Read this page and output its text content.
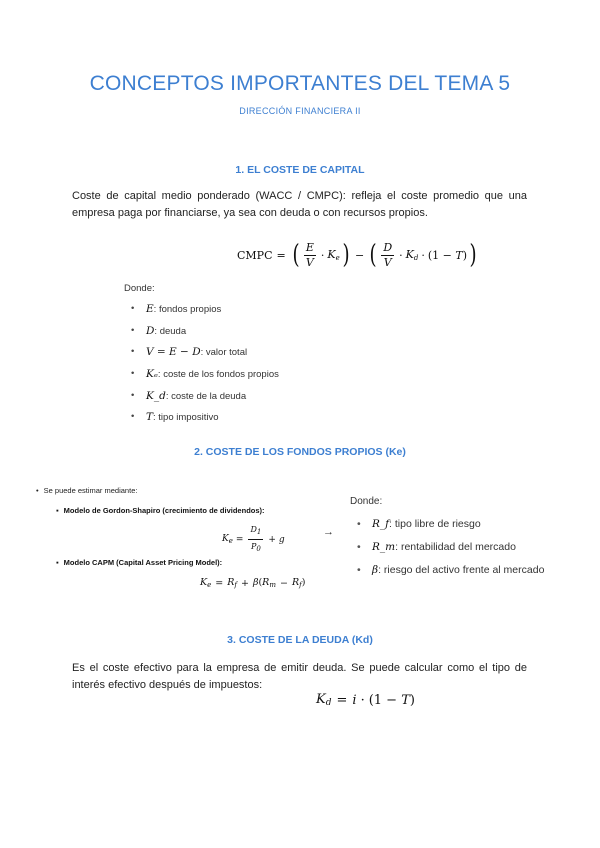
CONCEPTOS IMPORTANTES DEL TEMA 5
DIRECCIÓN FINANCIERA II
1. EL COSTE DE CAPITAL
Coste de capital medio ponderado (WACC / CMPC): refleja el coste promedio que una empresa paga por financiarse, ya sea con deuda o con recursos propios.
CMPC = ( $\frac{E}{V} \cdot K_e$ ) − ( $\frac{D}{V} \cdot K_d \cdot (1 - T)$ )
Donde:
• E: fondos propios
• D: deuda
• V = E − D: valor total
• Kₑ: coste de los fondos propios
• K_d: coste de la deuda
• T: tipo impositivo
2. COSTE DE LOS FONDOS PROPIOS (Ke)
• Se puede estimar mediante:
▪ Modelo de Gordon-Shapiro (crecimiento de dividendos):
$K_e = \frac{D1}{P0} + g$
→
▪ Modelo CAPM (Capital Asset Pricing Model):
$K_e = R_f + \beta(R_m - R_f)$
Donde:
• R_f: tipo libre de riesgo
• R_m: rentabilidad del mercado
• β: riesgo del activo frente al mercado
3. COSTE DE LA DEUDA (Kd)
Es el coste efectivo para la empresa de emitir deuda. Se puede calcular como el tipo de interés efectivo después de impuestos:
$K_d = i \cdot (1 - T)$
